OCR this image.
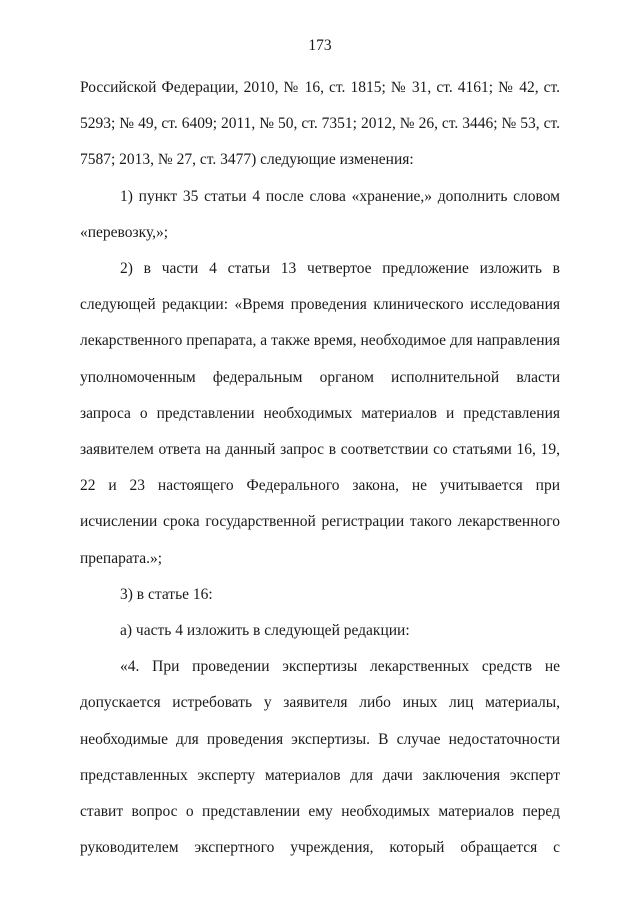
173

Российской Федерации, 2010, № 16, ст. 1815; № 31, ст. 4161; № 42, ст. 5293; № 49, ст. 6409; 2011, № 50, ст. 7351; 2012, № 26, ст. 3446; № 53, ст. 7587; 2013, № 27, ст. 3477) следующие изменения:

1) пункт 35 статьи 4 после слова «хранение,» дополнить словом «перевозку,»;

2) в части 4 статьи 13 четвертое предложение изложить в следующей редакции: «Время проведения клинического исследования лекарственного препарата, а также время, необходимое для направления уполномоченным федеральным органом исполнительной власти запроса о представлении необходимых материалов и представления заявителем ответа на данный запрос в соответствии со статьями 16, 19, 22 и 23 настоящего Федерального закона, не учитывается при исчислении срока государственной регистрации такого лекарственного препарата.»;

3) в статье 16:

а) часть 4 изложить в следующей редакции:

«4. При проведении экспертизы лекарственных средств не допускается истребовать у заявителя либо иных лиц материалы, необходимые для проведения экспертизы. В случае недостаточности представленных эксперту материалов для дачи заключения эксперт ставит вопрос о представлении ему необходимых материалов перед руководителем экспертного учреждения, который обращается с
